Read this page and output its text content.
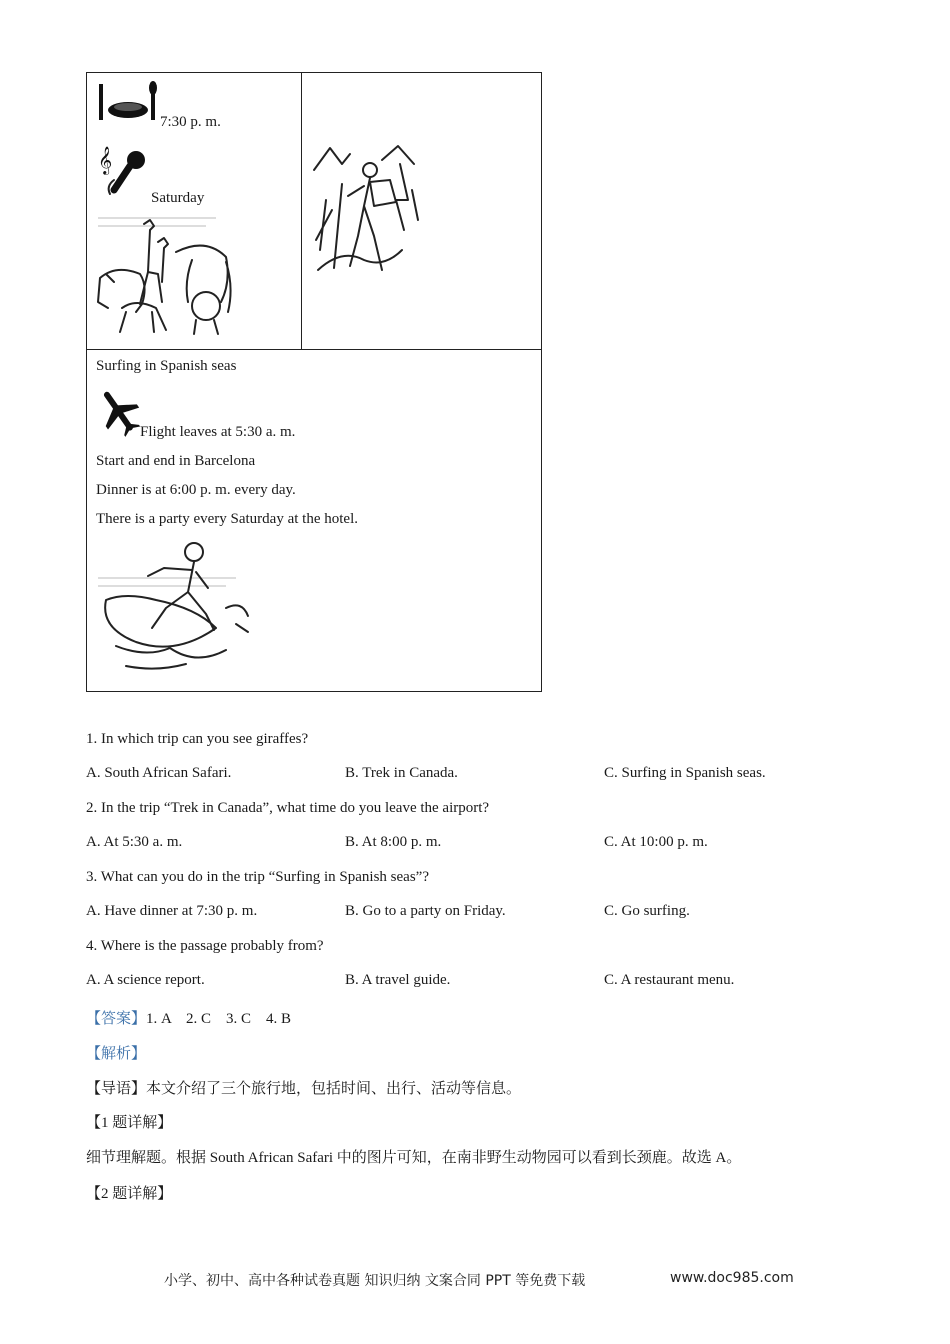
7:30 p. m.
𝄞
Saturday
Surfing in Spanish seas
Flight leaves at 5:30 a. m.
Start and end in Barcelona
Dinner is at 6:00 p. m. every day.
There is a party every Saturday at the hotel.
1. In which trip can you see giraffes?
A. South African Safari.	B. Trek in Canada.	C. Surfing in Spanish seas.
2. In the trip “Trek in Canada”, what time do you leave the airport?
A. At 5:30 a. m.	B. At 8:00 p. m.	C. At 10:00 p. m.
3. What can you do in the trip “Surfing in Spanish seas”?
A. Have dinner at 7:30 p. m.	B. Go to a party on Friday.	C. Go surfing.
4. Where is the passage probably from?
A. A science report.	B. A travel guide.	C. A restaurant menu.
【答案】1. A    2. C    3. C    4. B
【解析】
【导语】本文介绍了三个旅行地，包括时间、出行、活动等信息。
【1 题详解】
细节理解题。根据 South African Safari 中的图片可知，在南非野生动物园可以看到长颈鹿。故选 A。
【2 题详解】
小学、初中、高中各种试卷真题 知识归纳 文案合同 PPT 等免费下载	www.doc985.com
